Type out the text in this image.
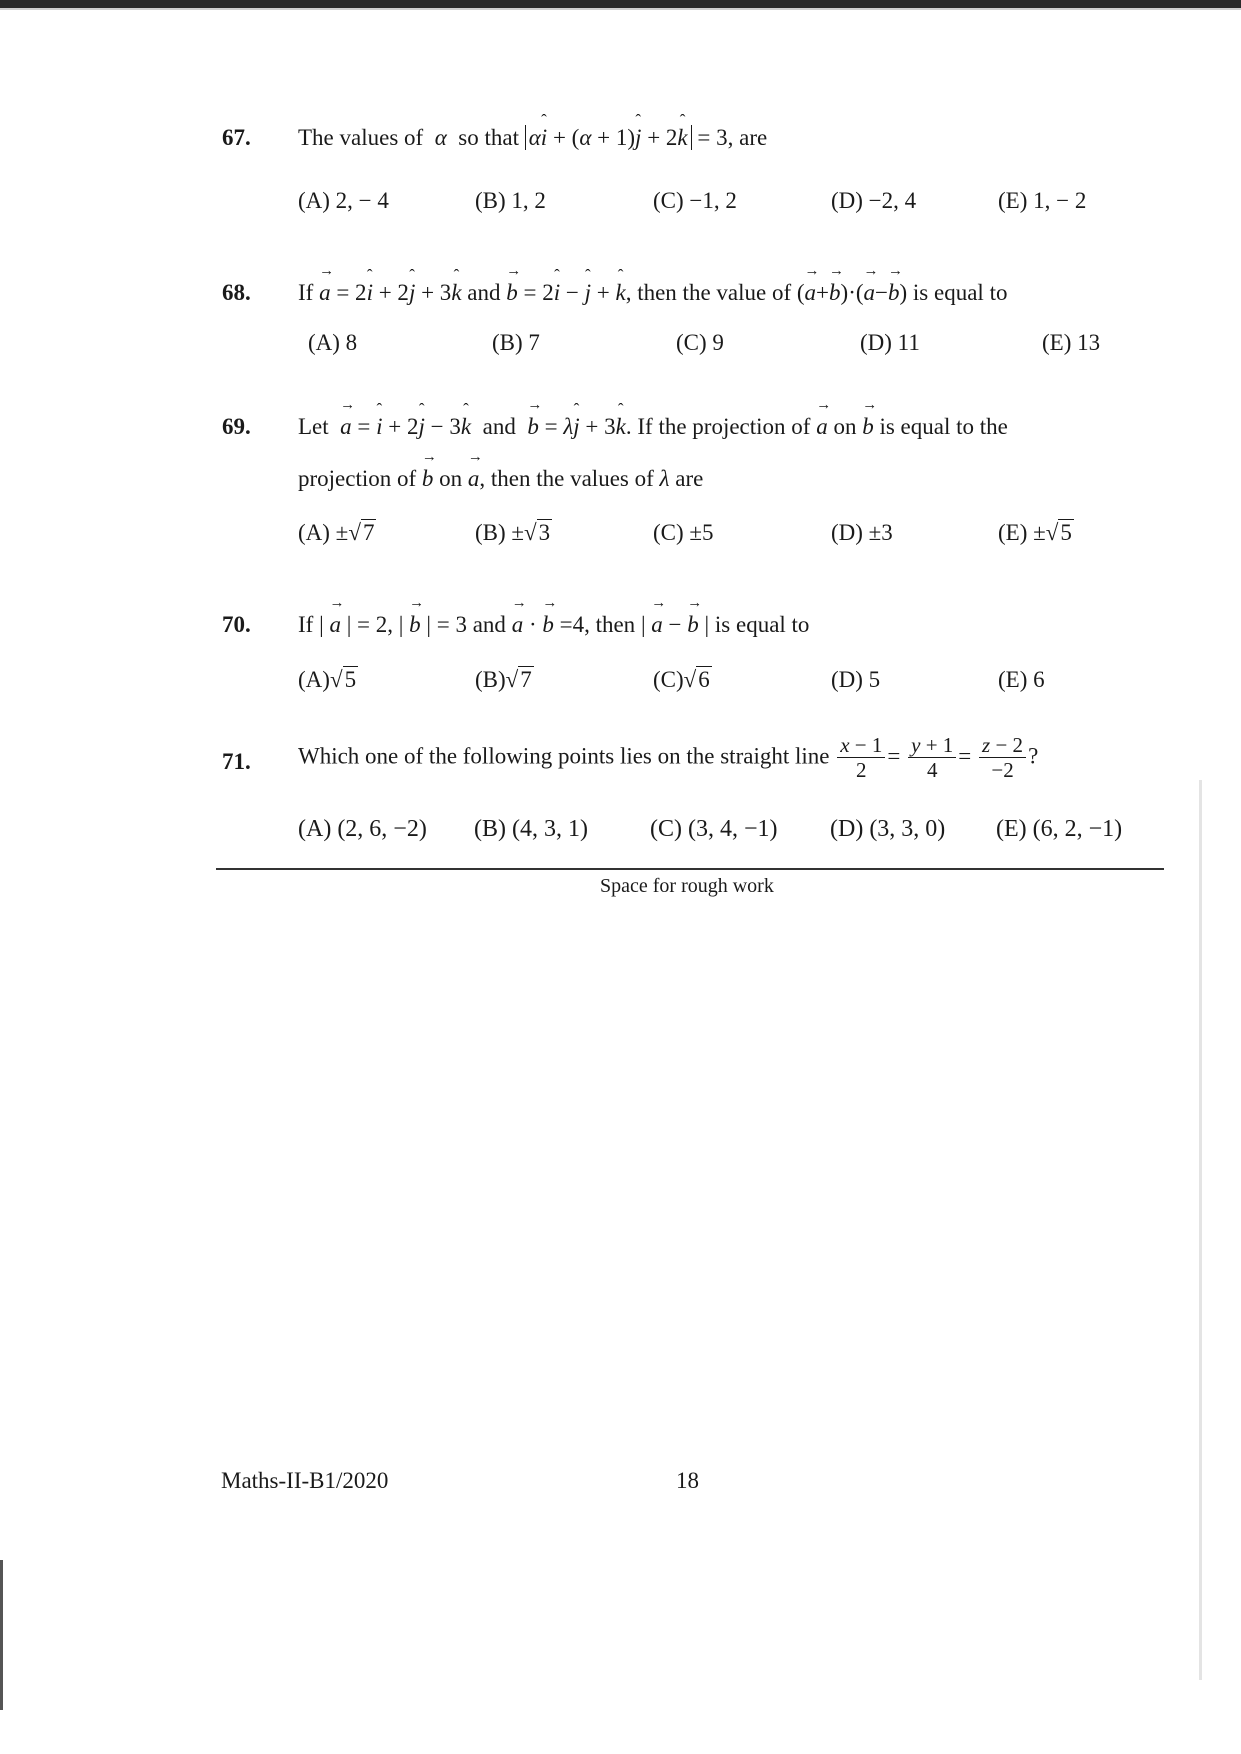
67. The values of  α  so that αˆ i + (α + 1)ˆ j + 2ˆ k = 3, are
(A) 2, − 4	(B) 1, 2	(C) −1, 2	(D) −2, 4	(E) 1, − 2
68. If → a = 2ˆ i + 2ˆ j + 3ˆ k and → b = 2ˆ i − ˆ j + ˆ k, then the value of (→ a+→ b)·(→ a−→ b) is equal to
(A) 8	(B) 7	(C) 9	(D) 11	(E) 13
69. Let → a = ˆ i + 2ˆ j − 3ˆ k and → b = λˆ j + 3ˆ k. If the projection of → a on → b is equal to the
projection of → b on → a, then the values of λ are
(A) ±√7	(B) ±√3	(C) ±5	(D) ±3	(E) ±√5
70. If | → a | = 2, | → b | = 3 and → a · → b =4, then | → a − → b | is equal to
(A)√5	(B)√7	(C)√6	(D) 5	(E) 6
71. Which one of the following points lies on the straight line $\frac{x - 1}{2} = \frac{y + 1}{4} = \frac{z - 2}{-2}$ ?
(A) (2, 6, −2) (B) (4, 3, 1)	(C) (3, 4, −1) (D) (3, 3, 0) (E) (6, 2, −1)
Space for rough work
Maths-II-B1/2020	18
